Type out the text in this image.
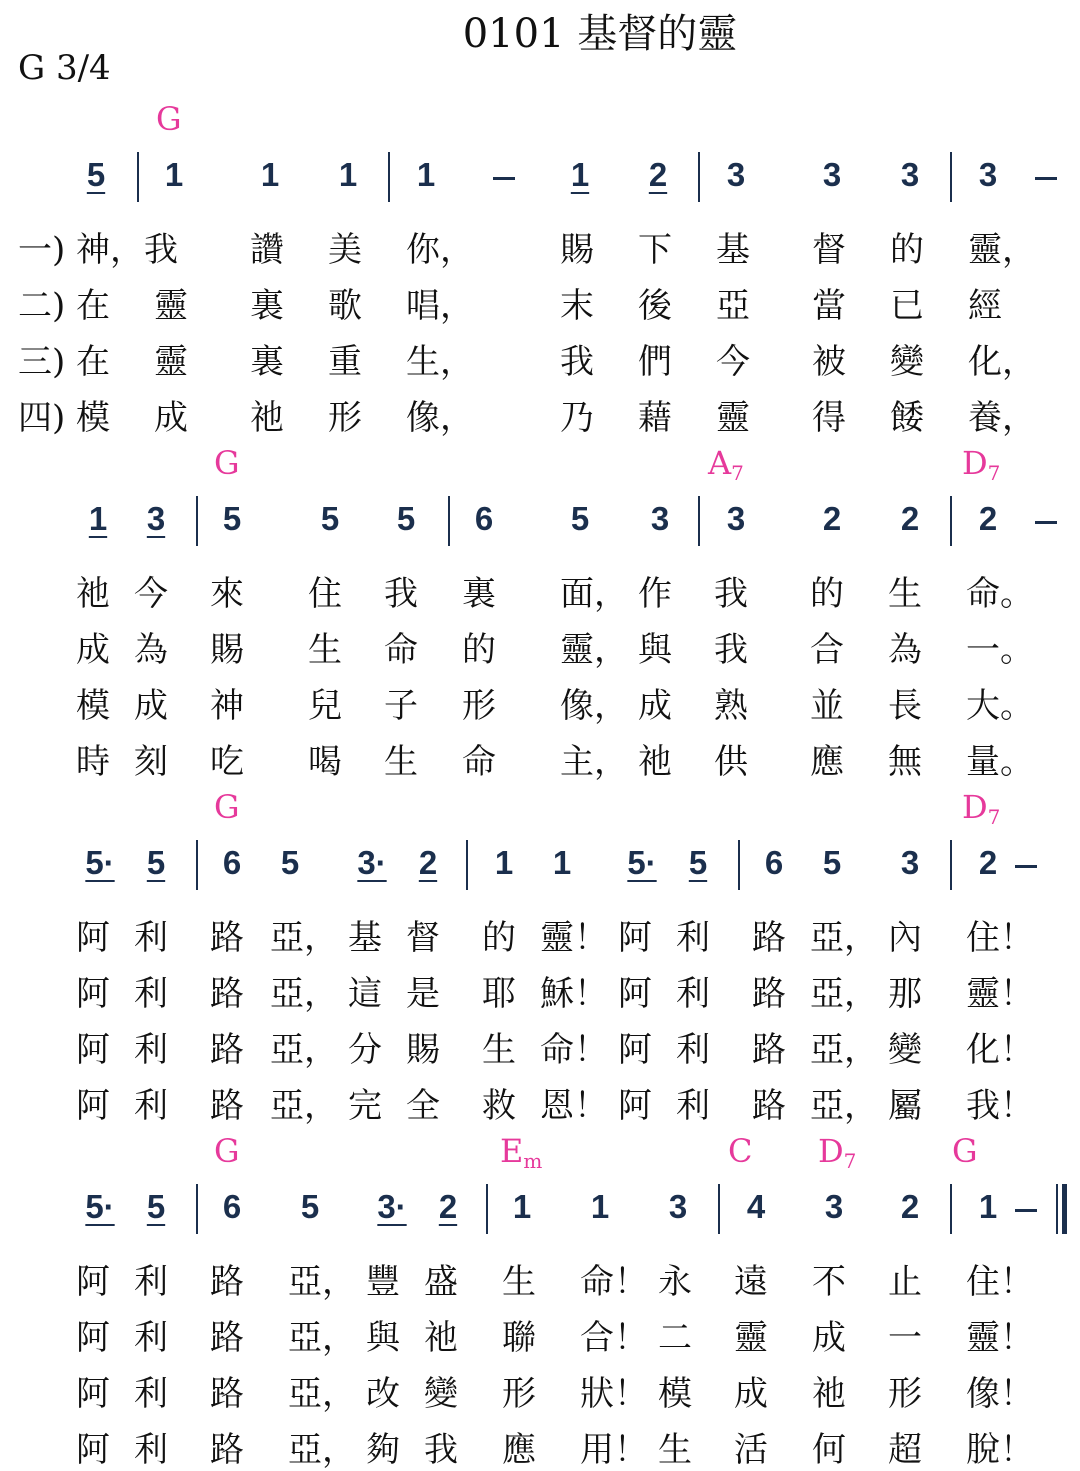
0101 基督的靈
G 3/4
G
5	1	1	1	1	1	2	3	3	3	3
一) 神，我 讚 美 你，	賜 下 基 督 的 靈，
二) 在 靈 裏 歌 唱，	末 後 亞 當 已 經
三) 在 靈 裏 重 生，	我 們 今 被 變 化，
四) 模 成 祂 形 像，	乃 藉 靈 得 餧 養，
G	$A_7$	$D_7$
1	3	5	5	5	6	5	3	3	2	2	2
祂 今 來 住 我 裏 面， 作 我 的 生 命。
成 為 賜 生 命 的 靈， 與 我 合 為 一。
模 成 神 兒 子 形 像， 成 熟 並 長 大。
時 刻 吃 喝 生 命 主， 祂 供 應 無 量。
G	$D_7$
5· 5	6	5	3· 2	1	1	5· 5	6	5	3	2
阿 利 路 亞， 基 督 的 靈！ 阿 利 路 亞， 內 住！
阿 利 路 亞， 這 是 耶 穌！ 阿 利 路 亞， 那 靈！
阿 利 路 亞， 分 賜 生 命！ 阿 利 路 亞， 變 化！
阿 利 路 亞， 完 全 救 恩！ 阿 利 路 亞， 屬 我！
G	$E_m$	C $D_7$	G
5· 5	6	5	3· 2	1	1	3	4	3	2	1
阿 利 路 亞， 豐 盛 生 命！ 永 遠 不 止 住！
阿 利 路 亞， 與 祂 聯 合！ 二 靈 成 一 靈！
阿 利 路 亞， 改 變 形 狀！ 模 成 祂 形 像！
阿 利 路 亞， 夠 我 應 用！ 生 活 何 超 脫！
